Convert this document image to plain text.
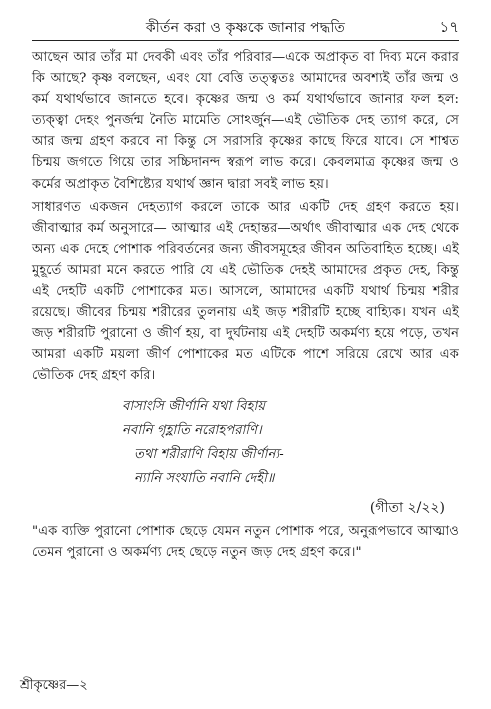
কীর্তন করা ও কৃষ্ণকে জানার পদ্ধতি	১৭

আছেন আর তাঁর মা দেবকী এবং তাঁর পরিবার—একে অপ্রাকৃত বা দিব্য মনে করার কি আছে? কৃষ্ণ বলছেন, এবং যো বেত্তি তত্ত্বতঃ আমাদের অবশ্যই তাঁর জন্ম ও কর্ম যথার্থভাবে জানতে হবে। কৃষ্ণের জন্ম ও কর্ম যথার্থভাবে জানার ফল হল: ত্যক্ত্বা দেহং পুনর্জন্ম নৈতি মামেতি সোঽর্জুন—এই ভৌতিক দেহ ত্যাগ করে, সে আর জন্ম গ্রহণ করবে না কিন্তু সে সরাসরি কৃষ্ণের কাছে ফিরে যাবে। সে শাশ্বত চিন্ময় জগতে গিয়ে তার সচ্চিদানন্দ স্বরূপ লাভ করে। কেবলমাত্র কৃষ্ণের জন্ম ও কর্মের অপ্রাকৃত বৈশিষ্ট্যের যথার্থ জ্ঞান দ্বারা সবই লাভ হয়।

সাধারণত একজন দেহত্যাগ করলে তাকে আর একটি দেহ গ্রহণ করতে হয়। জীবাত্মার কর্ম অনুসারে— আত্মার এই দেহান্তর—অর্থাৎ জীবাত্মার এক দেহ থেকে অন্য এক দেহে পোশাক পরিবর্তনের জন্য জীবসমূহের জীবন অতিবাহিত হচ্ছে। এই মুহূর্তে আমরা মনে করতে পারি যে এই ভৌতিক দেহই আমাদের প্রকৃত দেহ, কিন্তু এই দেহটি একটি পোশাকের মত। আসলে, আমাদের একটি যথার্থ চিন্ময় শরীর রয়েছে। জীবের চিন্ময় শরীরের তুলনায় এই জড় শরীরটি হচ্ছে বাহ্যিক। যখন এই জড় শরীরটি পুরানো ও জীর্ণ হয়, বা দুর্ঘটনায় এই দেহটি অকর্মণ্য হয়ে পড়ে, তখন আমরা একটি ময়লা জীর্ণ পোশাকের মত এটিকে পাশে সরিয়ে রেখে আর এক ভৌতিক দেহ গ্রহণ করি।

বাসাংসি জীর্ণানি যথা বিহায়
নবানি গৃহ্ণাতি নরোহপরাণি।
তথা শরীরাণি বিহায় জীর্ণান্য-
ন্যানি সংযাতি নবানি দেহী॥
(গীতা ২/২২)
"এক ব্যক্তি পুরানো পোশাক ছেড়ে যেমন নতুন পোশাক পরে, অনুরূপভাবে আত্মাও তেমন পুরানো ও অকর্মণ্য দেহ ছেড়ে নতুন জড় দেহ গ্রহণ করে।"
শ্রীকৃষ্ণের—২
